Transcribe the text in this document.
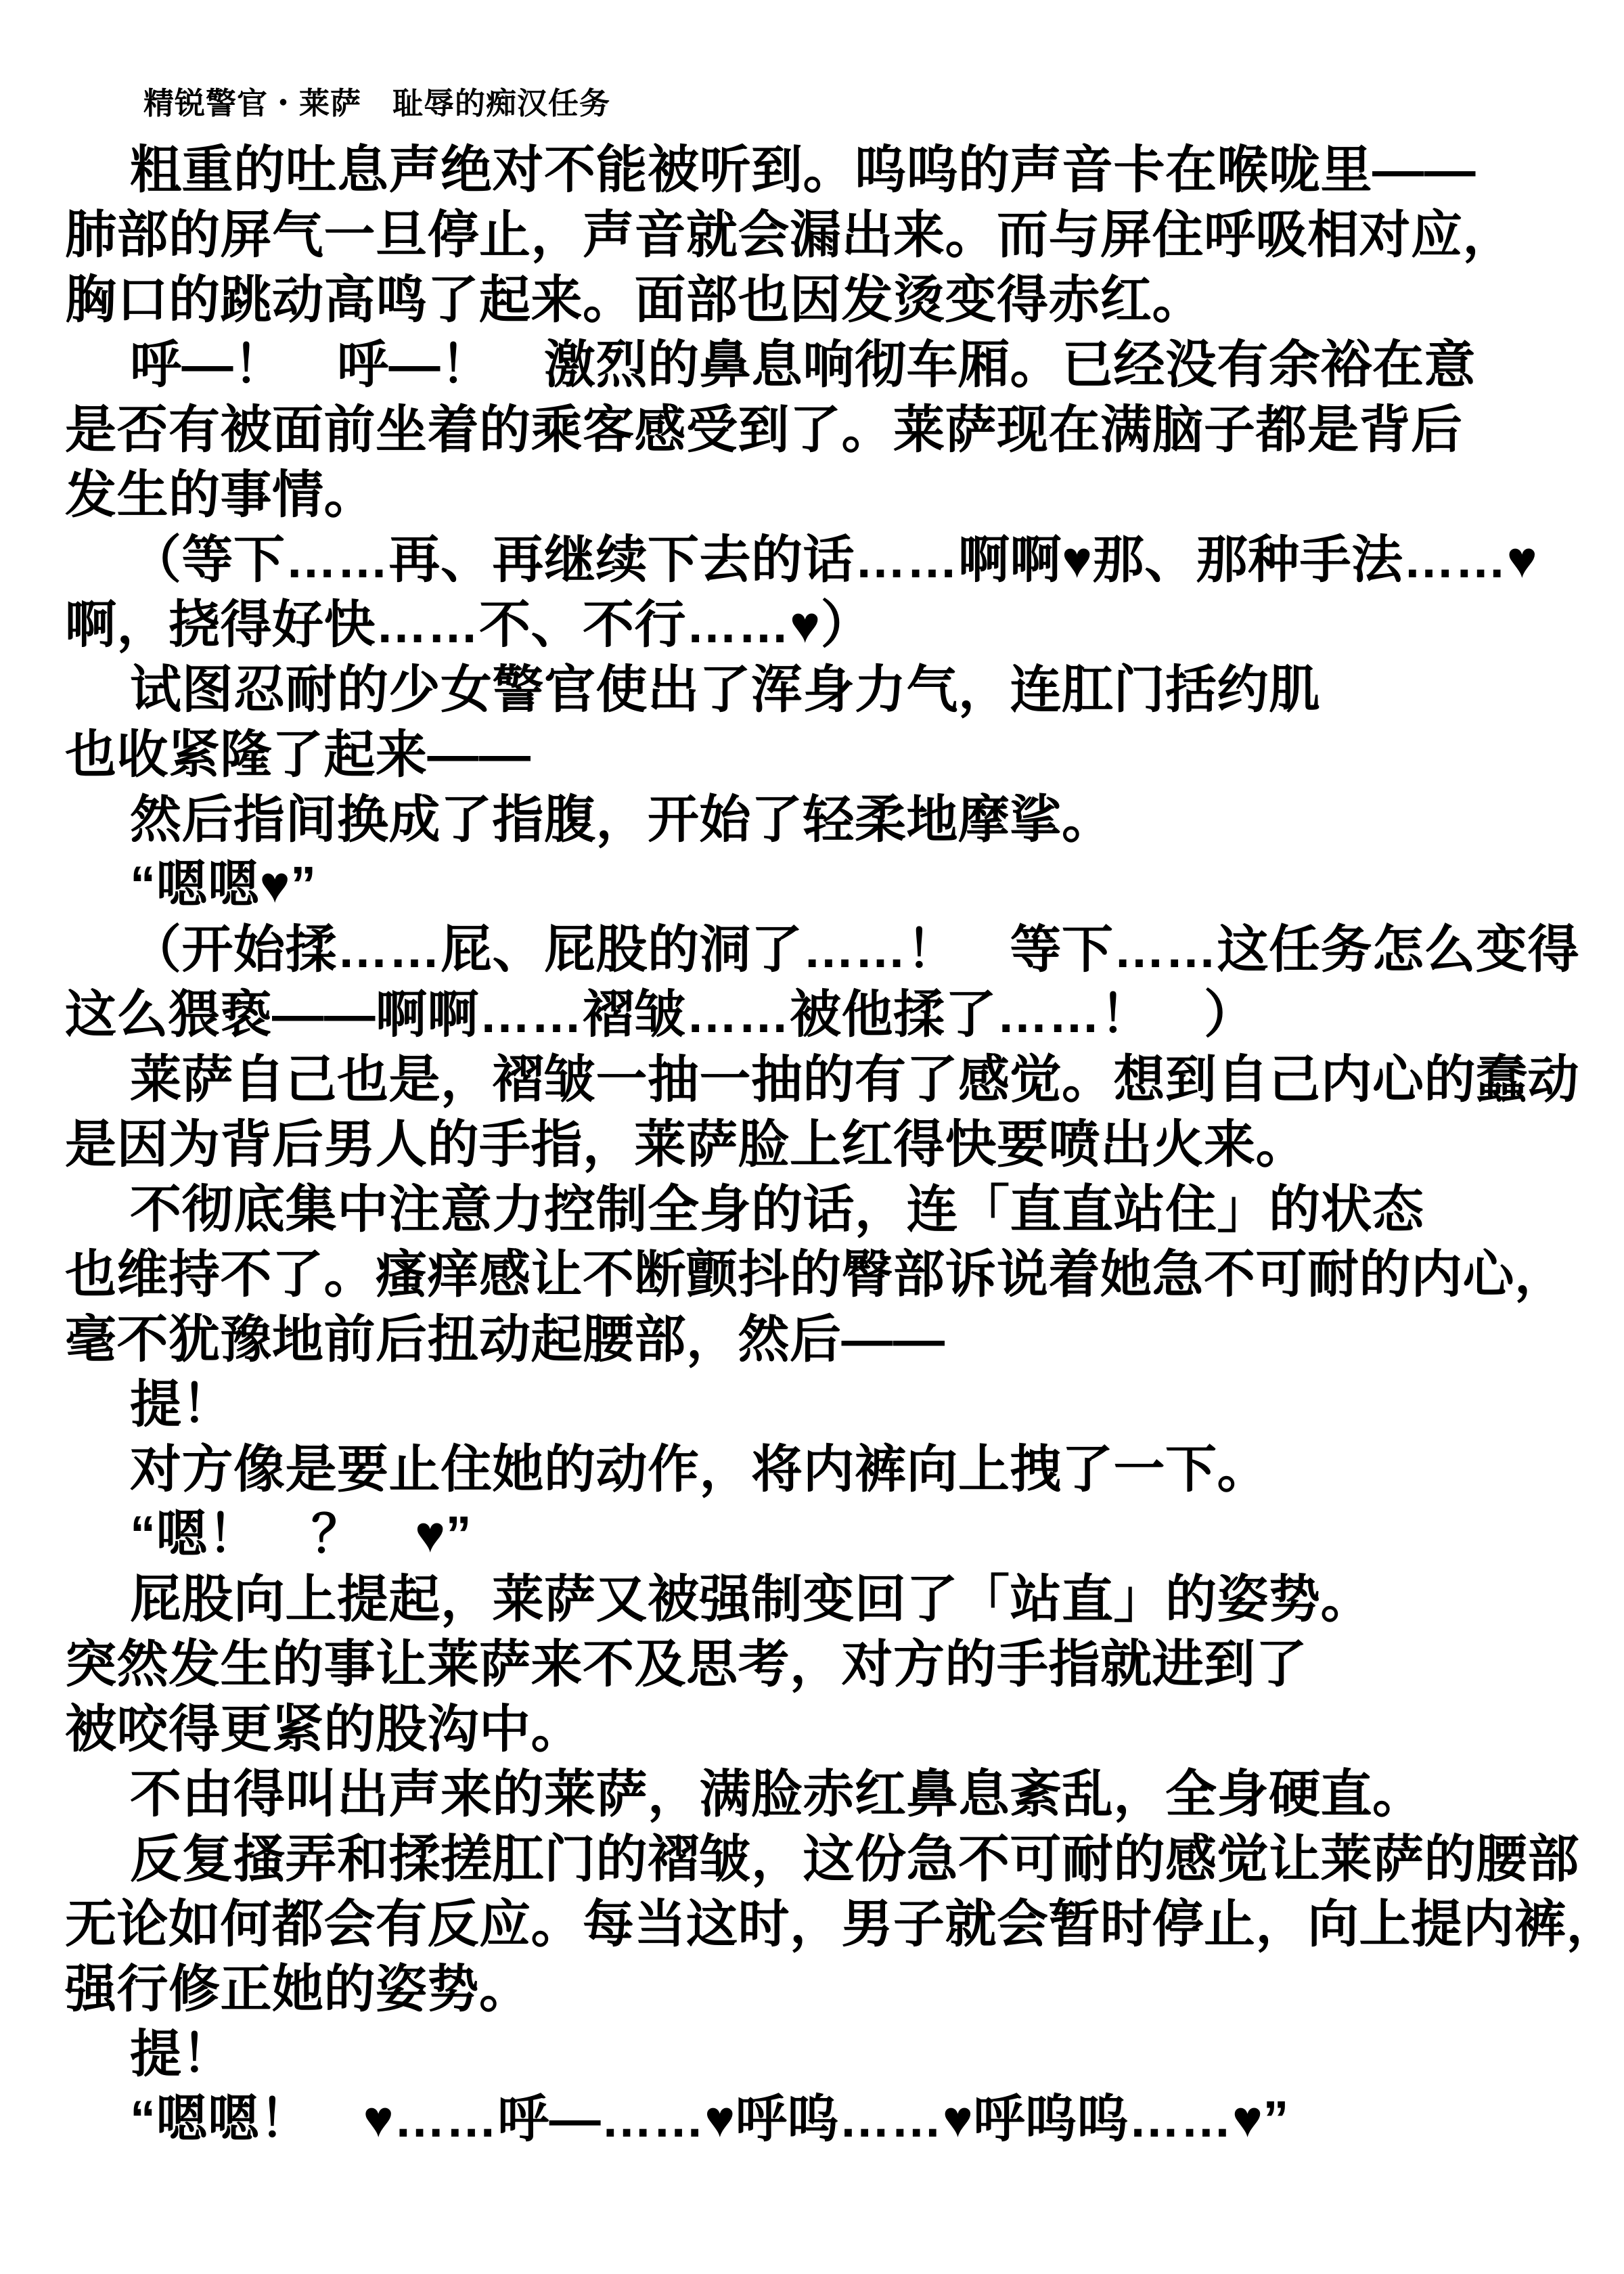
精锐警官・莱萨　耻辱的痴汉任务
粗重的吐息声绝对不能被听到。呜呜的声音卡在喉咙里——
肺部的屏气一旦停止，声音就会漏出来。而与屏住呼吸相对应，
胸口的跳动高鸣了起来。面部也因发烫变得赤红。
呼—！　呼—！　激烈的鼻息响彻车厢。已经没有余裕在意
是否有被面前坐着的乘客感受到了。莱萨现在满脑子都是背后
发生的事情。
（等下……再、再继续下去的话……啊啊♥那、那种手法……♥
啊，挠得好快……不、不行……♥）
试图忍耐的少女警官使出了浑身力气，连肛门括约肌
也收紧隆了起来——
然后指间换成了指腹，开始了轻柔地摩挲。
“嗯嗯♥”
（开始揉……屁、屁股的洞了……！　等下……这任务怎么变得
这么猥亵——啊啊……褶皱……被他揉了……！　）
莱萨自己也是，褶皱一抽一抽的有了感觉。想到自己内心的蠢动
是因为背后男人的手指，莱萨脸上红得快要喷出火来。
不彻底集中注意力控制全身的话，连「直直站住」的状态
也维持不了。瘙痒感让不断颤抖的臀部诉说着她急不可耐的内心，
毫不犹豫地前后扭动起腰部，然后——
提！
对方像是要止住她的动作，将内裤向上拽了一下。
“嗯！　？　♥”
屁股向上提起，莱萨又被强制变回了「站直」的姿势。
突然发生的事让莱萨来不及思考，对方的手指就进到了
被咬得更紧的股沟中。
不由得叫出声来的莱萨，满脸赤红鼻息紊乱，全身硬直。
反复搔弄和揉搓肛门的褶皱，这份急不可耐的感觉让莱萨的腰部
无论如何都会有反应。每当这时，男子就会暂时停止，向上提内裤，
强行修正她的姿势。
提！
“嗯嗯！　♥……呼—……♥呼呜……♥呼呜呜……♥”
